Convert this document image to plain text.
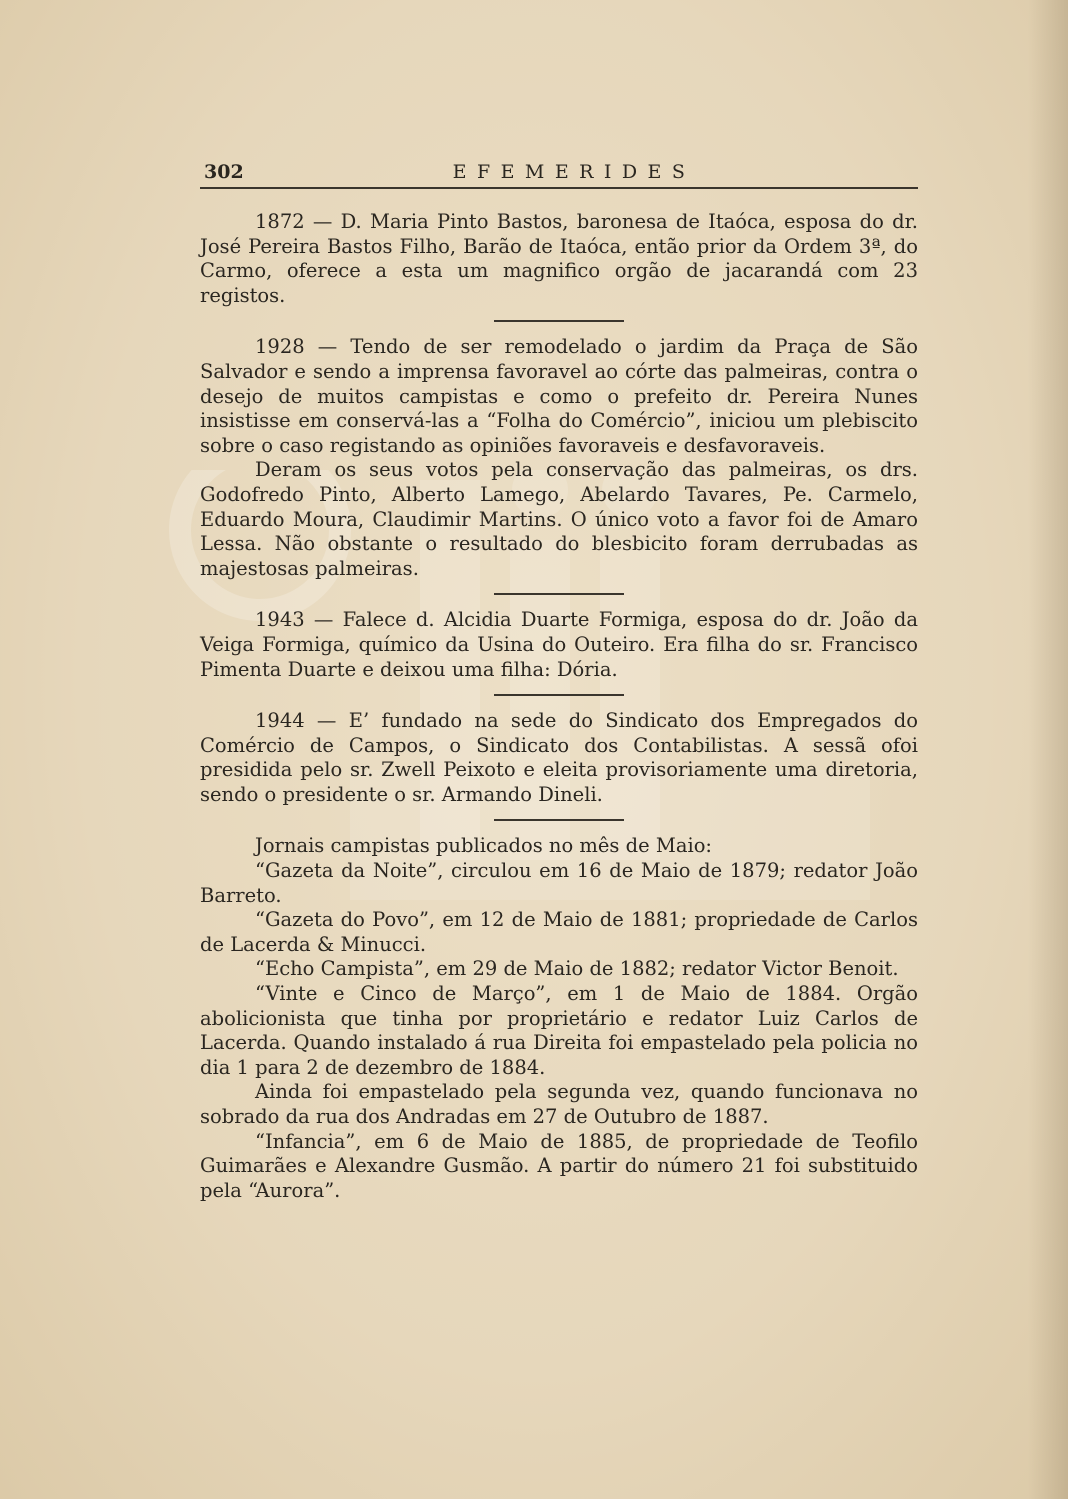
302	EFEMERIDES

1872 — D. Maria Pinto Bastos, baronesa de Itaóca, esposa do dr. José Pereira Bastos Filho, Barão de Itaóca, então prior da Ordem 3ª, do Carmo, oferece a esta um magnifico orgão de jacarandá com 23 registos.

1928 — Tendo de ser remodelado o jardim da Praça de São Salvador e sendo a imprensa favoravel ao córte das palmeiras, contra o desejo de muitos campistas e como o prefeito dr. Pereira Nunes insistisse em conservá-las a “Folha do Comércio”, iniciou um plebiscito sobre o caso registando as opiniões favoraveis e desfavoraveis.

Deram os seus votos pela conservação das palmeiras, os drs. Godofredo Pinto, Alberto Lamego, Abelardo Tavares, Pe. Carmelo, Eduardo Moura, Claudimir Martins. O único voto a favor foi de Amaro Lessa. Não obstante o resultado do blesbicito foram derrubadas as majestosas palmeiras.

1943 — Falece d. Alcidia Duarte Formiga, esposa do dr. João da Veiga Formiga, químico da Usina do Outeiro. Era filha do sr. Francisco Pimenta Duarte e deixou uma filha: Dória.

1944 — E’ fundado na sede do Sindicato dos Empregados do Comércio de Campos, o Sindicato dos Contabilistas. A sessã ofoi presidida pelo sr. Zwell Peixoto e eleita provisoriamente uma diretoria, sendo o presidente o sr. Armando Dineli.

Jornais campistas publicados no mês de Maio:

“Gazeta da Noite”, circulou em 16 de Maio de 1879; redator João Barreto.

“Gazeta do Povo”, em 12 de Maio de 1881; propriedade de Carlos de Lacerda & Minucci.

“Echo Campista”, em 29 de Maio de 1882; redator Victor Benoit.

“Vinte e Cinco de Março”, em 1 de Maio de 1884. Orgão abolicionista que tinha por proprietário e redator Luiz Carlos de Lacerda. Quando instalado á rua Direita foi empastelado pela policia no dia 1 para 2 de dezembro de 1884.

Ainda foi empastelado pela segunda vez, quando funcionava no sobrado da rua dos Andradas em 27 de Outubro de 1887.

“Infancia”, em 6 de Maio de 1885, de propriedade de Teofilo Guimarães e Alexandre Gusmão. A partir do número 21 foi substituido pela “Aurora”.
